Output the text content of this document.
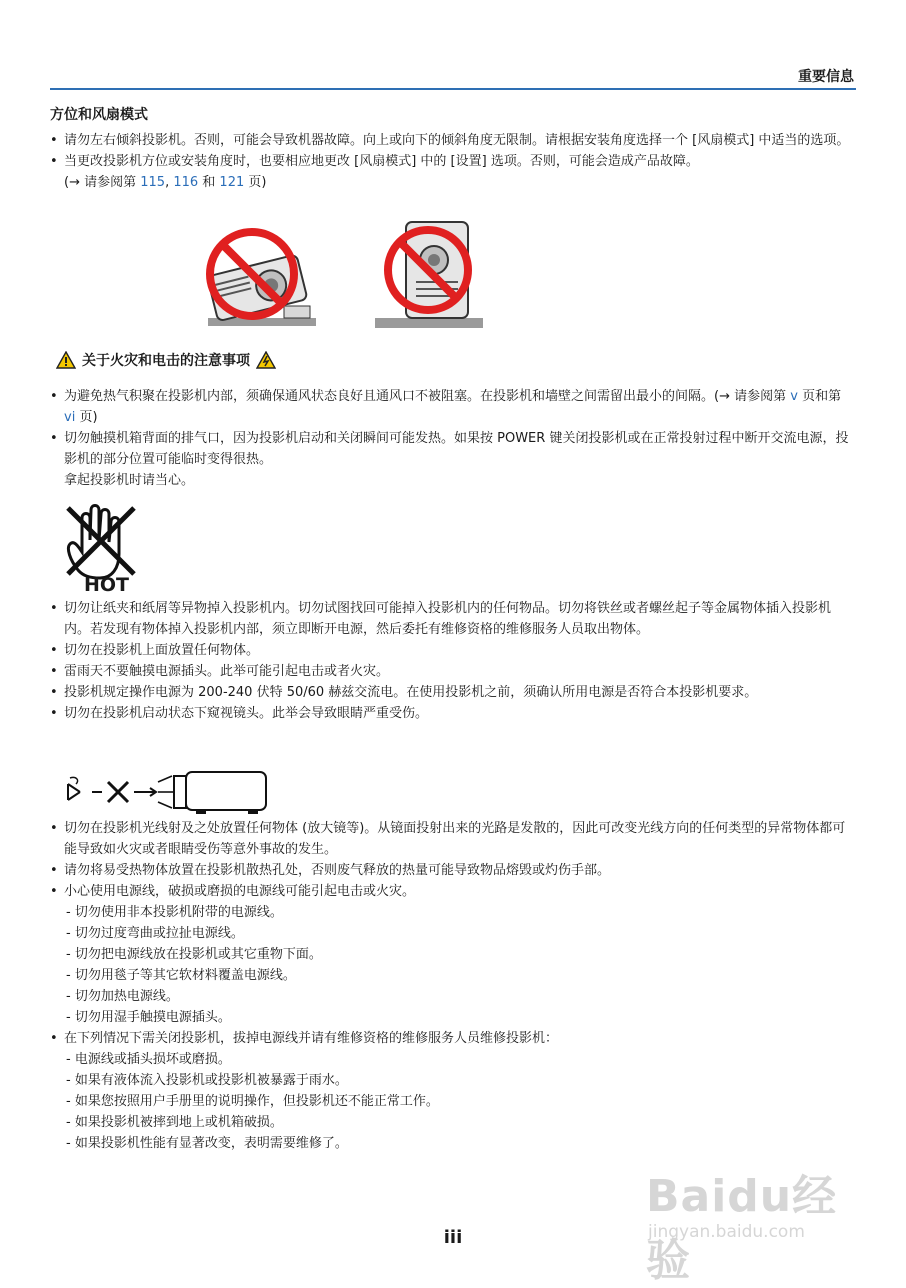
重要信息
方位和风扇模式
• 请勿左右倾斜投影机。否则，可能会导致机器故障。向上或向下的倾斜角度无限制。请根据安装角度选择一个 [风扇模式] 中适当的选项。
• 当更改投影机方位或安装角度时，也要相应地更改 [风扇模式] 中的 [设置] 选项。否则，可能会造成产品故障。
(→ 请参阅第 115, 116 和 121 页)
关于火灾和电击的注意事项
• 为避免热气积聚在投影机内部，须确保通风状态良好且通风口不被阻塞。在投影机和墙壁之间需留出最小的间隔。(→ 请参阅第 v 页和第 vi 页)
• 切勿触摸机箱背面的排气口，因为投影机启动和关闭瞬间可能发热。如果按 POWER 键关闭投影机或在正常投射过程中断开交流电源，投影机的部分位置可能临时变得很热。
拿起投影机时请当心。
HOT
• 切勿让纸夹和纸屑等异物掉入投影机内。切勿试图找回可能掉入投影机内的任何物品。切勿将铁丝或者螺丝起子等金属物体插入投影机内。若发现有物体掉入投影机内部，须立即断开电源，然后委托有维修资格的维修服务人员取出物体。
• 切勿在投影机上面放置任何物体。
• 雷雨天不要触摸电源插头。此举可能引起电击或者火灾。
• 投影机规定操作电源为 200-240 伏特 50/60 赫兹交流电。在使用投影机之前，须确认所用电源是否符合本投影机要求。
• 切勿在投影机启动状态下窥视镜头。此举会导致眼睛严重受伤。
• 切勿在投影机光线射及之处放置任何物体 (放大镜等)。从镜面投射出来的光路是发散的，因此可改变光线方向的任何类型的异常物体都可能导致如火灾或者眼睛受伤等意外事故的发生。
• 请勿将易受热物体放置在投影机散热孔处，否则废气释放的热量可能导致物品熔毁或灼伤手部。
• 小心使用电源线，破损或磨损的电源线可能引起电击或火灾。
- 切勿使用非本投影机附带的电源线。
- 切勿过度弯曲或拉扯电源线。
- 切勿把电源线放在投影机或其它重物下面。
- 切勿用毯子等其它软材料覆盖电源线。
- 切勿加热电源线。
- 切勿用湿手触摸电源插头。
• 在下列情况下需关闭投影机，拔掉电源线并请有维修资格的维修服务人员维修投影机：
- 电源线或插头损坏或磨损。
- 如果有液体流入投影机或投影机被暴露于雨水。
- 如果您按照用户手册里的说明操作，但投影机还不能正常工作。
- 如果投影机被摔到地上或机箱破损。
- 如果投影机性能有显著改变，表明需要维修了。
iii
Baidu经验
jingyan.baidu.com
